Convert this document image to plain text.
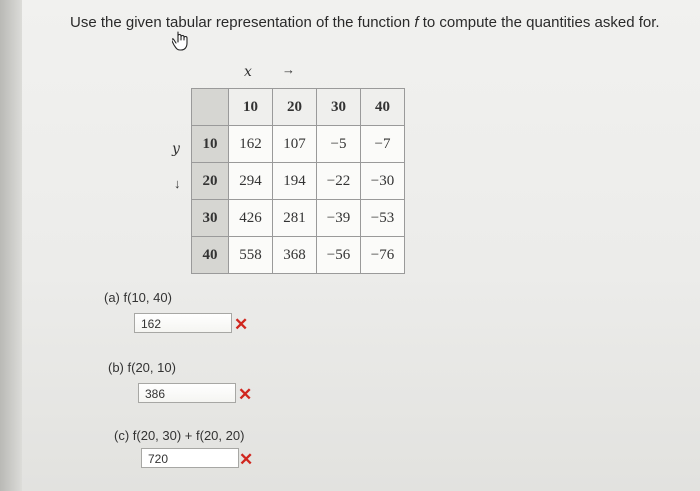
Use the given tabular representation of the function f to compute the quantities asked for.
x →
y
↓
	10	20	30	40
10	162	107	−5	−7
20	294	194	−22	−30
30	426	281	−39	−53
40	558	368	−56	−76
(a) f(10, 40)
162	✕
(b) f(20, 10)
386	✕
(c) f(20, 30) + f(20, 20)
720	✕
